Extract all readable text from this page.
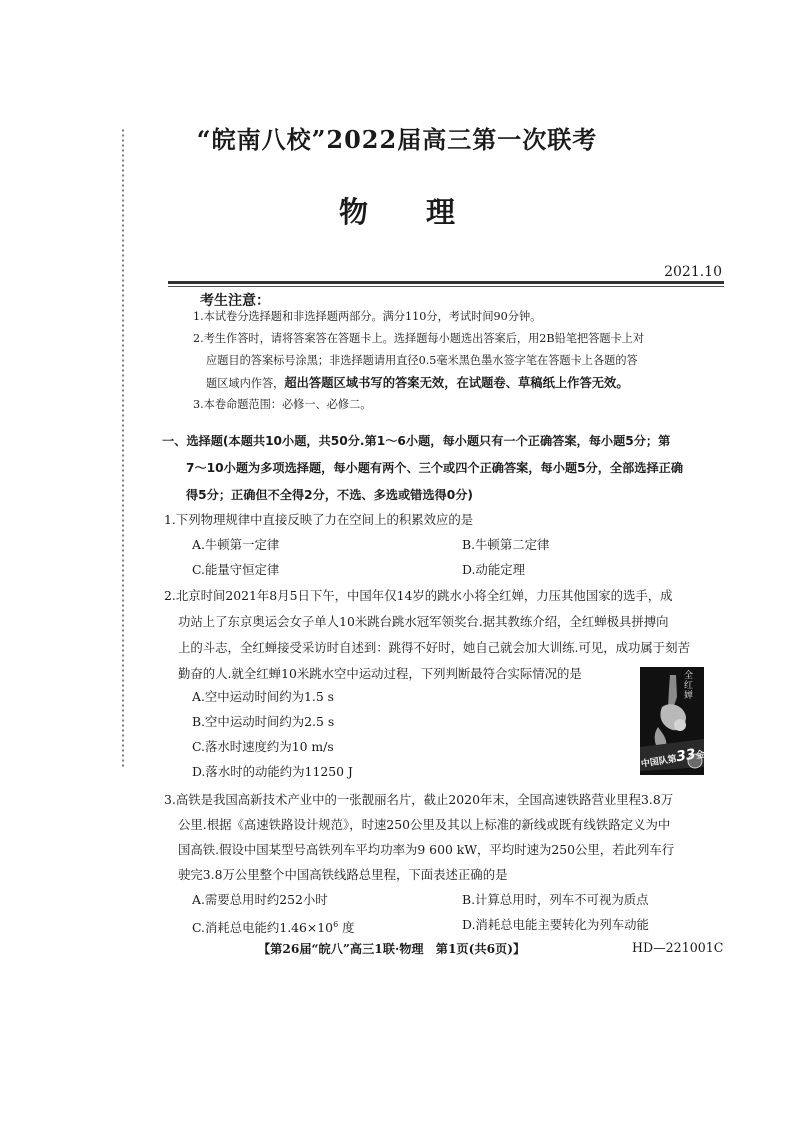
“皖南八校”2022届高三第一次联考
物 理
2021.10
考生注意：
1.本试卷分选择题和非选择题两部分。满分110分，考试时间90分钟。
2.考生作答时，请将答案答在答题卡上。选择题每小题选出答案后，用2B铅笔把答题卡上对
应题目的答案标号涂黑；非选择题请用直径0.5毫米黑色墨水签字笔在答题卡上各题的答
题区域内作答，超出答题区域书写的答案无效，在试题卷、草稿纸上作答无效。
3.本卷命题范围：必修一、必修二。
一、选择题(本题共10小题，共50分.第1～6小题，每小题只有一个正确答案，每小题5分；第
7～10小题为多项选择题，每小题有两个、三个或四个正确答案，每小题5分，全部选择正确
得5分；正确但不全得2分，不选、多选或错选得0分)
1.下列物理规律中直接反映了力在空间上的积累效应的是
A.牛顿第一定律	B.牛顿第二定律
C.能量守恒定律	D.动能定理
2.北京时间2021年8月5日下午，中国年仅14岁的跳水小将全红婵，力压其他国家的选手，成
功站上了东京奥运会女子单人10米跳台跳水冠军领奖台.据其教练介绍，全红蝉极具拼搏向
上的斗志，全红蝉接受采访时自述到：跳得不好时，她自己就会加大训练.可见，成功属于刻苦
勤奋的人.就全红蝉10米跳水空中运动过程，下列判断最符合实际情况的是
A.空中运动时间约为1.5 s
B.空中运动时间约为2.5 s
C.落水时速度约为10 m/s
D.落水时的动能约为11250 J
全红婵
中国队第33金
3.高铁是我国高新技术产业中的一张靓丽名片，截止2020年末，全国高速铁路营业里程3.8万
公里.根据《高速铁路设计规范》，时速250公里及其以上标准的新线或既有线铁路定义为中
国高铁.假设中国某型号高铁列车平均功率为9 600 kW，平均时速为250公里，若此列车行
驶完3.8万公里整个中国高铁线路总里程，下面表述正确的是
A.需要总用时约252小时	B.计算总用时，列车不可视为质点
C.消耗总电能约$1.46\times 10^6$ 度	D.消耗总电能主要转化为列车动能
【第26届“皖八”高三1联·物理　第1页(共6页)】	HD—221001C
